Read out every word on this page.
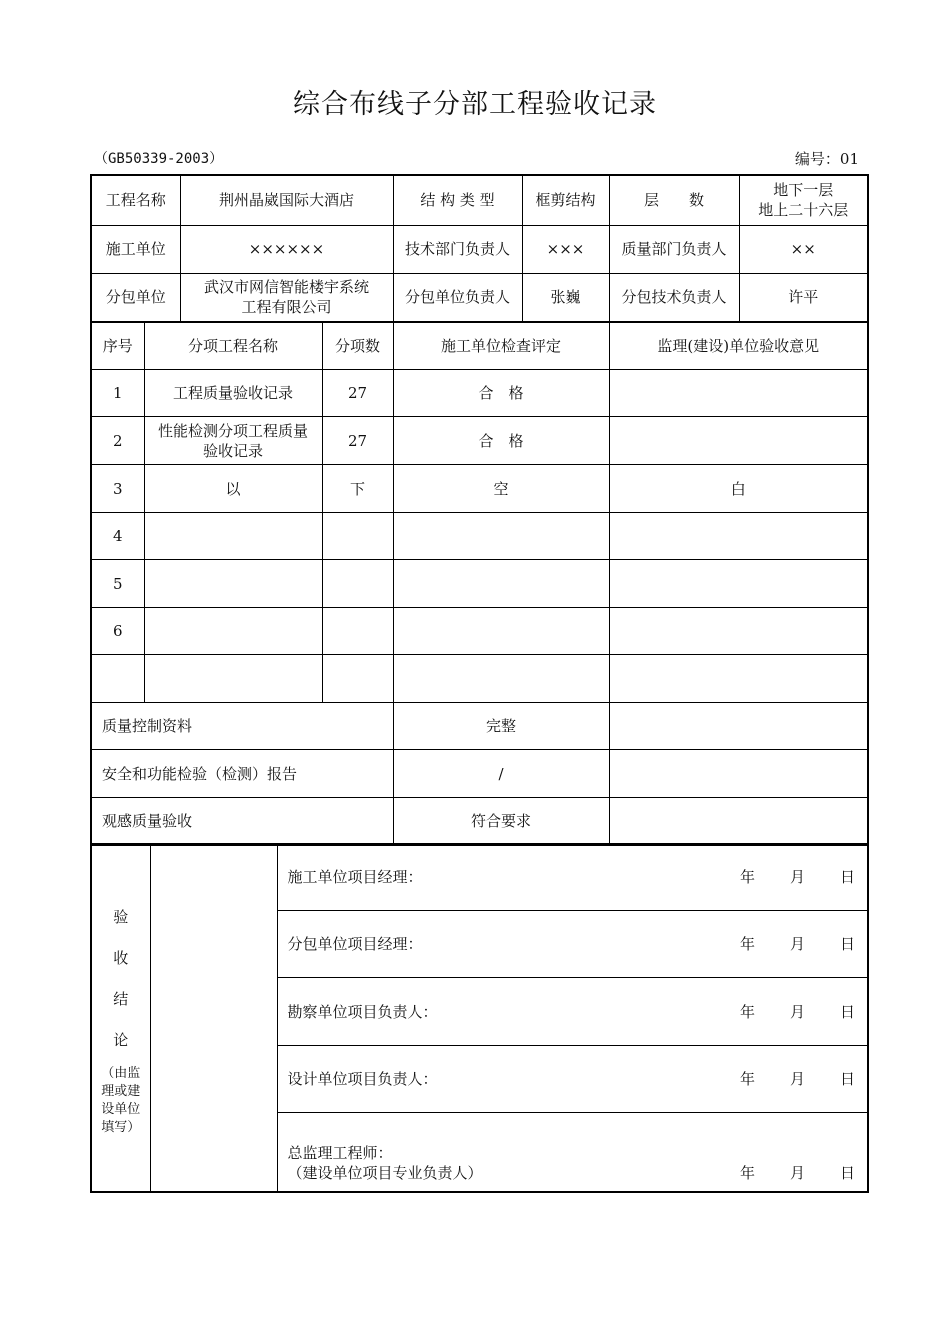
综合布线子分部工程验收记录
（GB50339-2003）	编号：01
工程名称	荆州晶崴国际大酒店	结 构 类 型	框剪结构	层　　数	地下一层
地上二十六层

施工单位	××××××	技术部门负责人	×××	质量部门负责人	××
分包单位	武汉市网信智能楼宇系统
工程有限公司	分包单位负责人	张巍	分包技术负责人	许平
序号	分项工程名称	分项数	施工单位检查评定	监理(建设)单位验收意见
1	工程质量验收记录	27	合　格	
2	性能检测分项工程质量验收记录	27	合　格	
3	以	下	空	白
4				
5				
6				

质量控制资料			完整	
安全和功能检验（检测）报告			/	
观感质量验收			符合要求	
验
收
结
论
（由监
理或建
设单位
填写）
		施工单位项目经理：	年 月 日

分包单位项目经理：	年 月 日

勘察单位项目负责人：	年 月 日

设计单位项目负责人：	年 月 日

总监理工程师：
（建设单位项目专业负责人）	年 月 日
